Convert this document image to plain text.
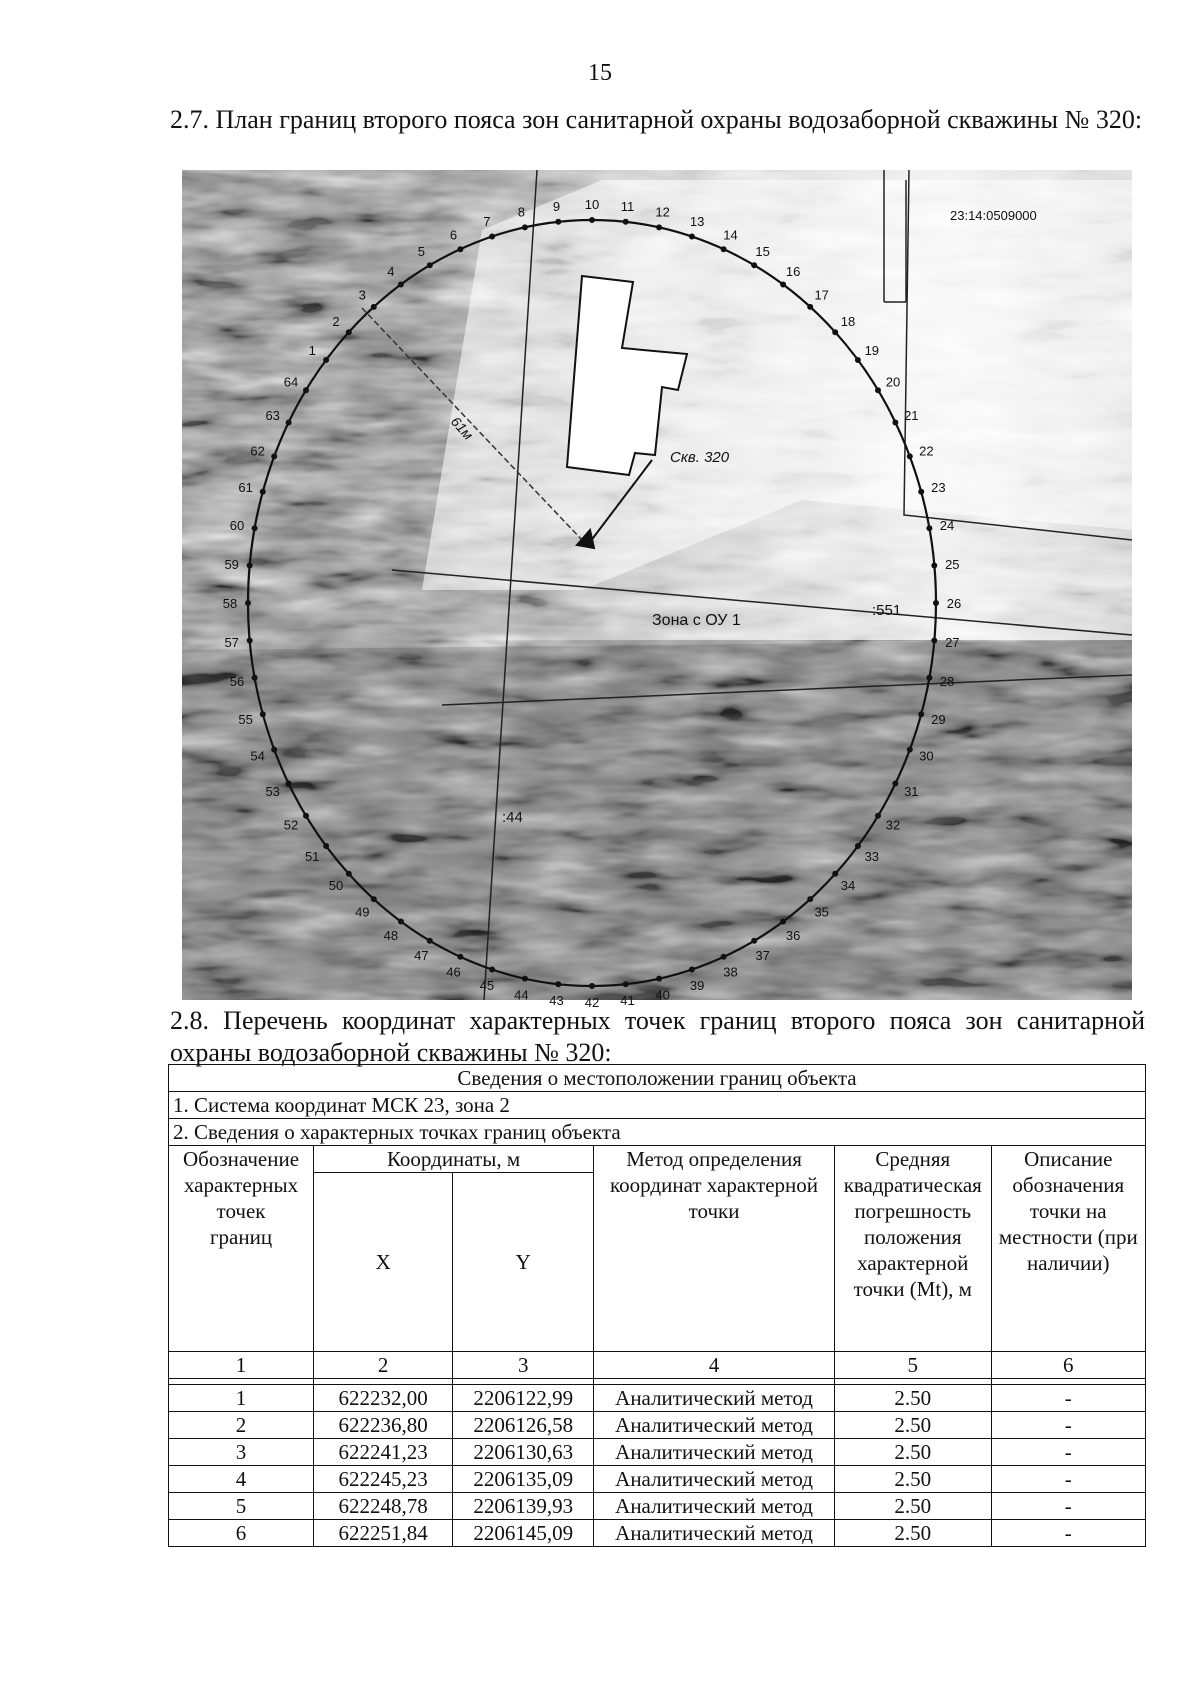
15
2.7. План границ второго пояса зон санитарной охраны водозаборной скважины № 320:
1
2
3
4
5
6
7
8 9 10 11 12
13
14
15
16
17
18
19
20
21
22
23
24
25
26
27
28
29
30
31
32
33
34
35
36
37
38
39
40
41
42
43
44
45
46
47
48
49
50
51
52
53
54
55
56
57
58
59
60
61
62
63
64
Скв. 320
61м
23:14:0509000
Зона с ОУ 1
:551
:44
2.8. Перечень координат характерных точек границ второго пояса зон санитарной охраны водозаборной скважины № 320:
Сведения о местоположении границ объекта					
1. Система координат МСК 23, зона 2					
2. Сведения о характерных точках границ объекта					
Обозначение характерных точек границ	Координаты, м		Метод определения координат характерной точки	Средняя квадратическая погрешность положения характерной точки (Mt), м	Описание обозначения точки на местности (при наличии)
	X	Y			
1	2	3	4	5	6

1	622232,00	2206122,99	Аналитический метод	2.50	-
2	622236,80	2206126,58	Аналитический метод	2.50	-
3	622241,23	2206130,63	Аналитический метод	2.50	-
4	622245,23	2206135,09	Аналитический метод	2.50	-
5	622248,78	2206139,93	Аналитический метод	2.50	-
6	622251,84	2206145,09	Аналитический метод	2.50	-
